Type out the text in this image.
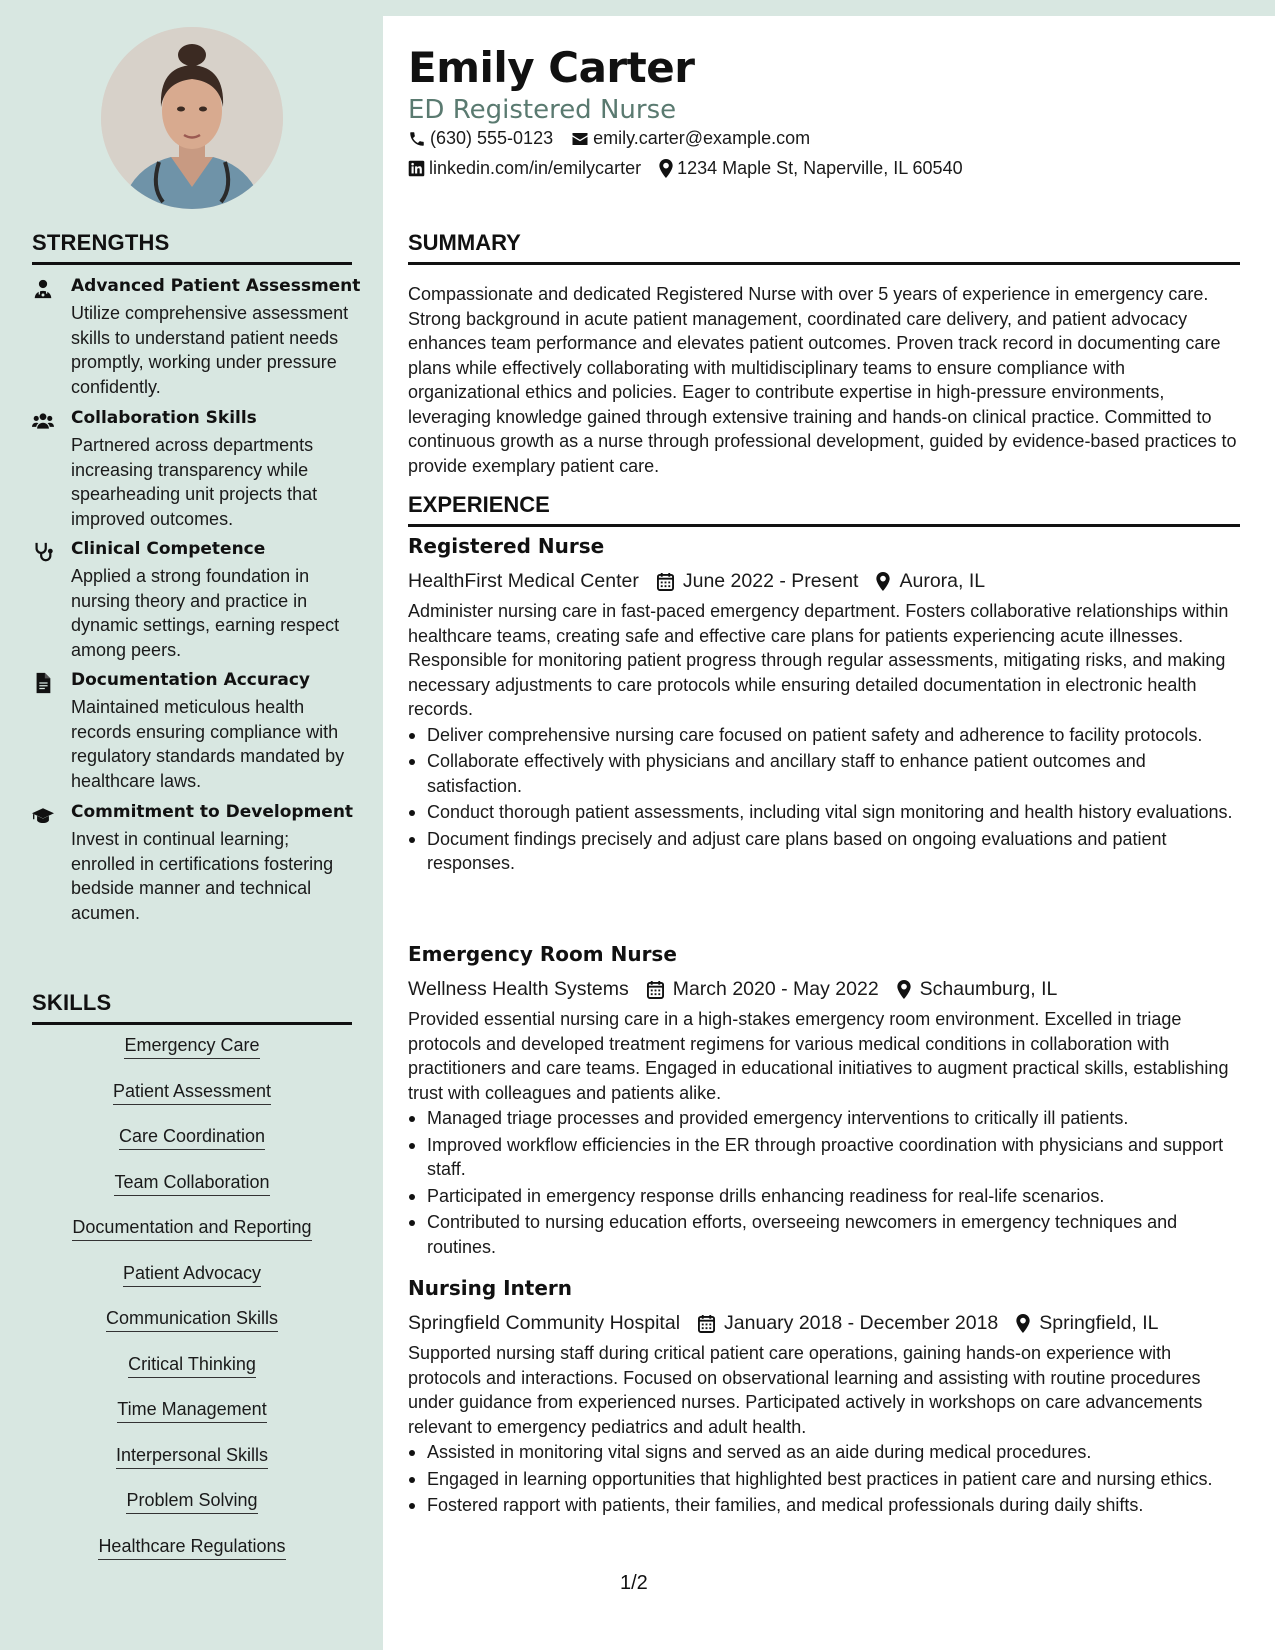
Emily Carter
ED Registered Nurse
(630) 555-0123 emily.carter@example.com
linkedin.com/in/emilycarter 1234 Maple St, Naperville, IL 60540
STRENGTHS
Advanced Patient Assessment
Utilize comprehensive assessment skills to understand patient needs promptly, working under pressure confidently.
Collaboration Skills
Partnered across departments increasing transparency while spearheading unit projects that improved outcomes.
Clinical Competence
Applied a strong foundation in nursing theory and practice in dynamic settings, earning respect among peers.
Documentation Accuracy
Maintained meticulous health records ensuring compliance with regulatory standards mandated by healthcare laws.
Commitment to Development
Invest in continual learning; enrolled in certifications fostering bedside manner and technical acumen.
SKILLS
Emergency Care
Patient Assessment
Care Coordination
Team Collaboration
Documentation and Reporting
Patient Advocacy
Communication Skills
Critical Thinking
Time Management
Interpersonal Skills
Problem Solving
Healthcare Regulations
SUMMARY
Compassionate and dedicated Registered Nurse with over 5 years of experience in emergency care. Strong background in acute patient management, coordinated care delivery, and patient advocacy enhances team performance and elevates patient outcomes. Proven track record in documenting care plans while effectively collaborating with multidisciplinary teams to ensure compliance with organizational ethics and policies. Eager to contribute expertise in high-pressure environments, leveraging knowledge gained through extensive training and hands-on clinical practice. Committed to continuous growth as a nurse through professional development, guided by evidence-based practices to provide exemplary patient care.
EXPERIENCE
Registered Nurse
HealthFirst Medical Center June 2022 - Present Aurora, IL
Administer nursing care in fast-paced emergency department. Fosters collaborative relationships within healthcare teams, creating safe and effective care plans for patients experiencing acute illnesses. Responsible for monitoring patient progress through regular assessments, mitigating risks, and making necessary adjustments to care protocols while ensuring detailed documentation in electronic health records.
Deliver comprehensive nursing care focused on patient safety and adherence to facility protocols.
Collaborate effectively with physicians and ancillary staff to enhance patient outcomes and satisfaction.
Conduct thorough patient assessments, including vital sign monitoring and health history evaluations.
Document findings precisely and adjust care plans based on ongoing evaluations and patient responses.
Emergency Room Nurse
Wellness Health Systems March 2020 - May 2022 Schaumburg, IL
Provided essential nursing care in a high-stakes emergency room environment. Excelled in triage protocols and developed treatment regimens for various medical conditions in collaboration with practitioners and care teams. Engaged in educational initiatives to augment practical skills, establishing trust with colleagues and patients alike.
Managed triage processes and provided emergency interventions to critically ill patients.
Improved workflow efficiencies in the ER through proactive coordination with physicians and support staff.
Participated in emergency response drills enhancing readiness for real-life scenarios.
Contributed to nursing education efforts, overseeing newcomers in emergency techniques and routines.
Nursing Intern
Springfield Community Hospital January 2018 - December 2018 Springfield, IL
Supported nursing staff during critical patient care operations, gaining hands-on experience with protocols and interactions. Focused on observational learning and assisting with routine procedures under guidance from experienced nurses. Participated actively in workshops on care advancements relevant to emergency pediatrics and adult health.
Assisted in monitoring vital signs and served as an aide during medical procedures.
Engaged in learning opportunities that highlighted best practices in patient care and nursing ethics.
Fostered rapport with patients, their families, and medical professionals during daily shifts.
1/2
